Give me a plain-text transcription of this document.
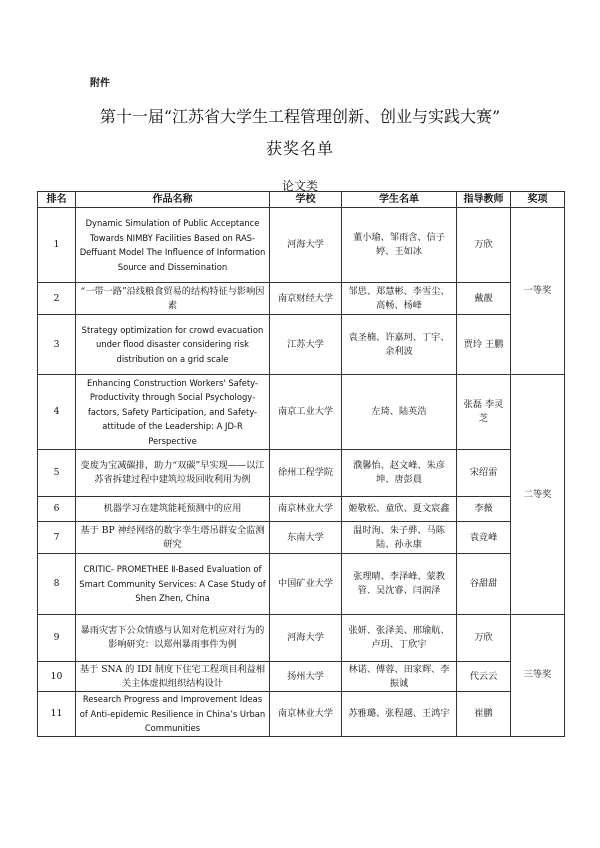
附件
第十一届“江苏省大学生工程管理创新、创业与实践大赛”
获奖名单
论文类
排名	作品名称	学校	学生名单	指导教师	奖项
1	Dynamic Simulation of Public Acceptance Towards NIMBY Facilities Based on RAS-Deffuant Model The Influence of Information Source and Dissemination	河海大学	董小瑜、邹雨含、信子婷、王如冰	万欣	一等奖
2	“一带一路”沿线粮食贸易的结构特征与影响因素	南京财经大学	邹思、郑慧彬、李雪尘、高畅、杨峰	戴靓	
3	Strategy optimization for crowd evacuation under flood disaster considering risk distribution on a grid scale	江苏大学	袁圣楠、许嘉珂、丁宇、余利波	贾玲 王鹏	
4	Enhancing Construction Workers' Safety-Productivity through Social Psychology-factors, Safety Participation, and Safety-attitude of the Leadership: A JD-R Perspective	南京工业大学	左琦、陆英浩	张磊 李灵芝	二等奖
5	变废为宝减碳排，助力“双碳”早实现——以江苏省拆建过程中建筑垃圾回收利用为例	徐州工程学院	濮馨怡、赵文峰、朱彦坤、唐彭晨	宋绍雷	
6	机器学习在建筑能耗预测中的应用	南京林业大学	姬敬松、童欣、夏文宸鑫	李薇	
7	基于 BP 神经网络的数字孪生塔吊群安全监测研究	东南大学	温时洵、朱子骅、马陈陆、孙永康	袁竞峰	
8	CRITIC- PROMETHEE Ⅱ-Based Evaluation of Smart Community Services: A Case Study of Shen Zhen, China	中国矿业大学	张理晴、李泽峰、蒙教管、吴沈睿、闫润泽	谷甜甜	
9	暴雨灾害下公众情感与认知对危机应对行为的影响研究：以郑州暴雨事件为例	河海大学	张妍、张泽美、邢瑜航、卢玥、丁欣宇	万欣	三等奖
10	基于 SNA 的 IDI 制度下住宅工程项目利益相关主体虚拟组织结构设计	扬州大学	林诺、傅蓉、田家辉、李振诚	代云云	
11	Research Progress and Improvement Ideas of Anti-epidemic Resilience in China’s Urban Communities	南京林业大学	苏雅璐、张程越、王鸿宇	崔鹏	
